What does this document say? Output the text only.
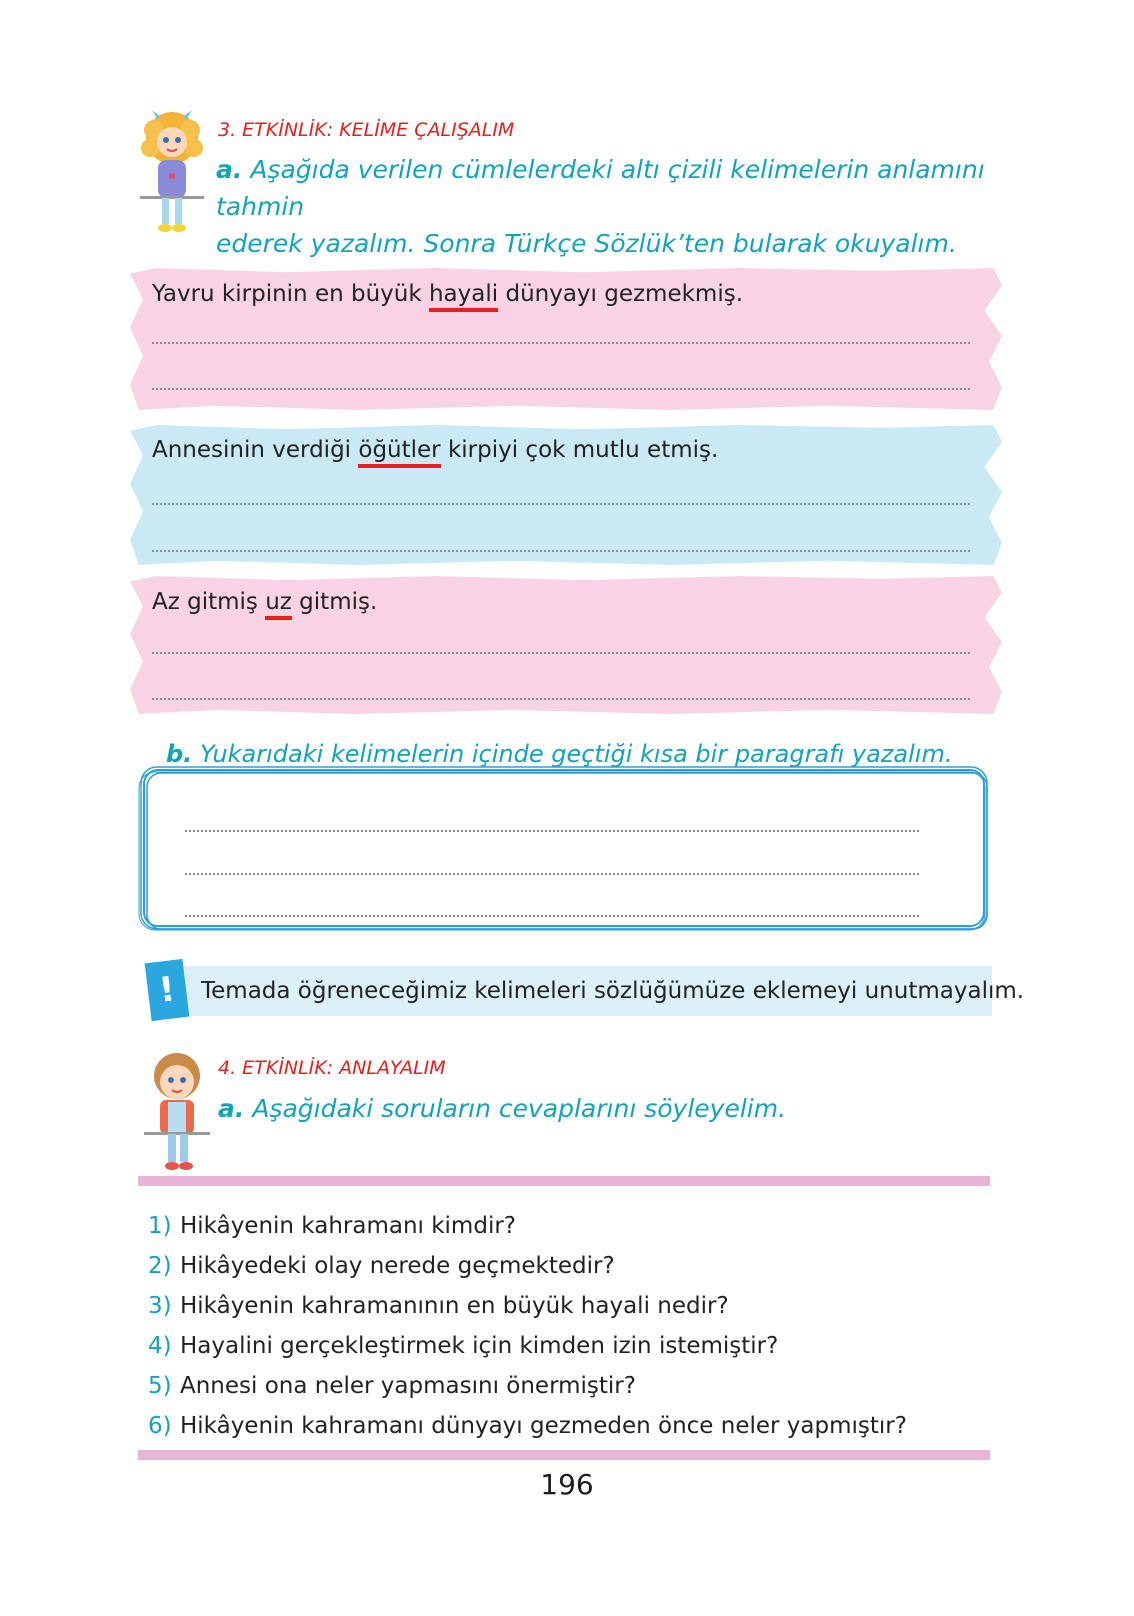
3. ETKİNLİK: KELİME ÇALIŞALIM
a. Aşağıda verilen cümlelerdeki altı çizili kelimelerin anlamını tahmin
ederek yazalım. Sonra Türkçe Sözlük’ten bularak okuyalım.
Yavru kirpinin en büyük hayali dünyayı gezmekmiş.
Annesinin verdiği öğütler kirpiyi çok mutlu etmiş.
Az gitmiş uz gitmiş.
b. Yukarıdaki kelimelerin içinde geçtiği kısa bir paragrafı yazalım.
!	Temada öğreneceğimiz kelimeleri sözlüğümüze eklemeyi unutmayalım.
4. ETKİNLİK: ANLAYALIM
a. Aşağıdaki soruların cevaplarını söyleyelim.
1) Hikâyenin kahramanı kimdir?
2) Hikâyedeki olay nerede geçmektedir?
3) Hikâyenin kahramanının en büyük hayali nedir?
4) Hayalini gerçekleştirmek için kimden izin istemiştir?
5) Annesi ona neler yapmasını önermiştir?
6) Hikâyenin kahramanı dünyayı gezmeden önce neler yapmıştır?
196
